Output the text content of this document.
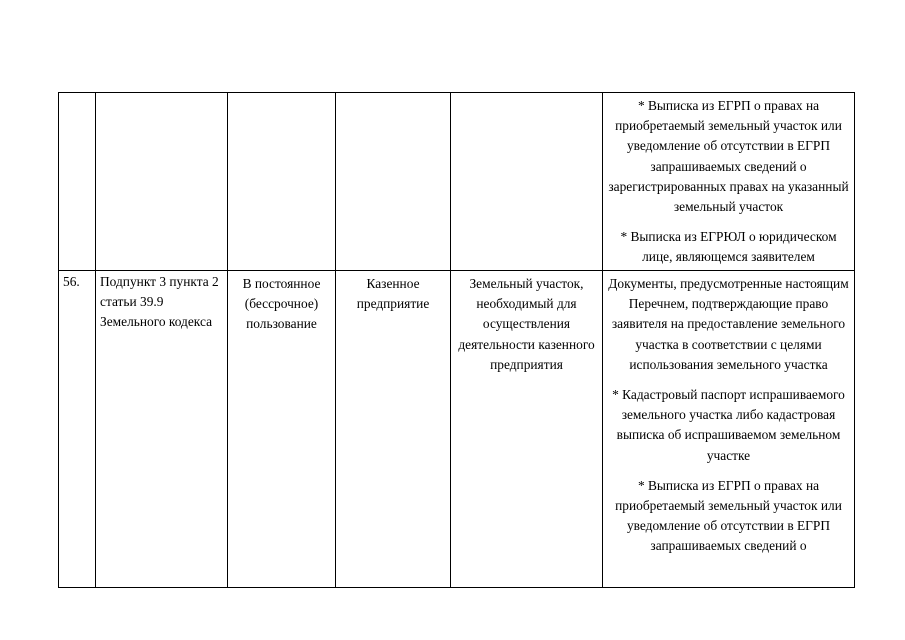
					* Выписка из ЕГРП о правах на приобретаемый земельный участок или уведомление об отсутствии в ЕГРП запрашиваемых сведений о зарегистрированных правах на указанный земельный участок

* Выписка из ЕГРЮЛ о юридическом лице, являющемся заявителем

56.	Подпункт 3 пункта 2 статьи 39.9 Земельного кодекса	В постоянное (бессрочное) пользование	Казенное предприятие	Земельный участок, необходимый для осуществления деятельности казенного предприятия	Документы, предусмотренные настоящим Перечнем, подтверждающие право заявителя на предоставление земельного участка в соответствии с целями использования земельного участка

* Кадастровый паспорт испрашиваемого земельного участка либо кадастровая выписка об испрашиваемом земельном участке

* Выписка из ЕГРП о правах на приобретаемый земельный участок или уведомление об отсутствии в ЕГРП запрашиваемых сведений о
